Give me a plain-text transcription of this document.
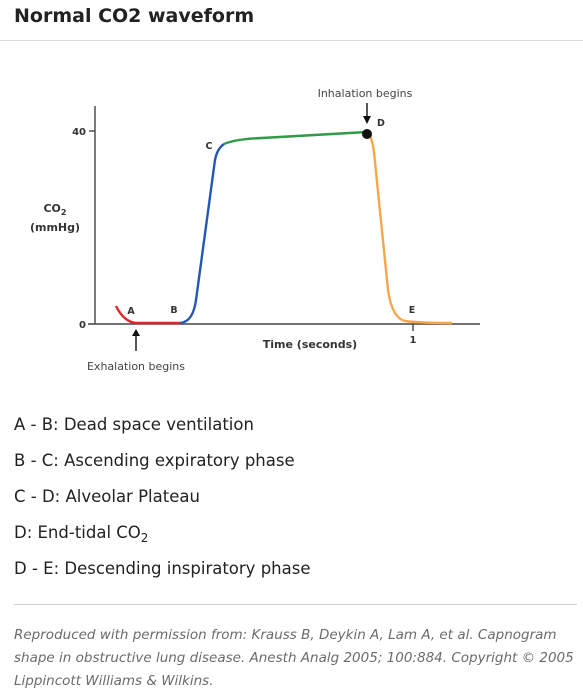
Normal CO2 waveform
40
0
$CO_2$
(mmHg)
Time (seconds)	1
A	B
C
D
E
Inhalation begins
Exhalation begins
A - B: Dead space ventilation
B - C: Ascending expiratory phase
C - D: Alveolar Plateau
D: End-tidal $CO_2$
D - E: Descending inspiratory phase

Reproduced with permission from: Krauss B, Deykin A, Lam A, et al. Capnogram shape in obstructive lung disease. Anesth Analg 2005; 100:884. Copyright © 2005 Lippincott Williams & Wilkins.
